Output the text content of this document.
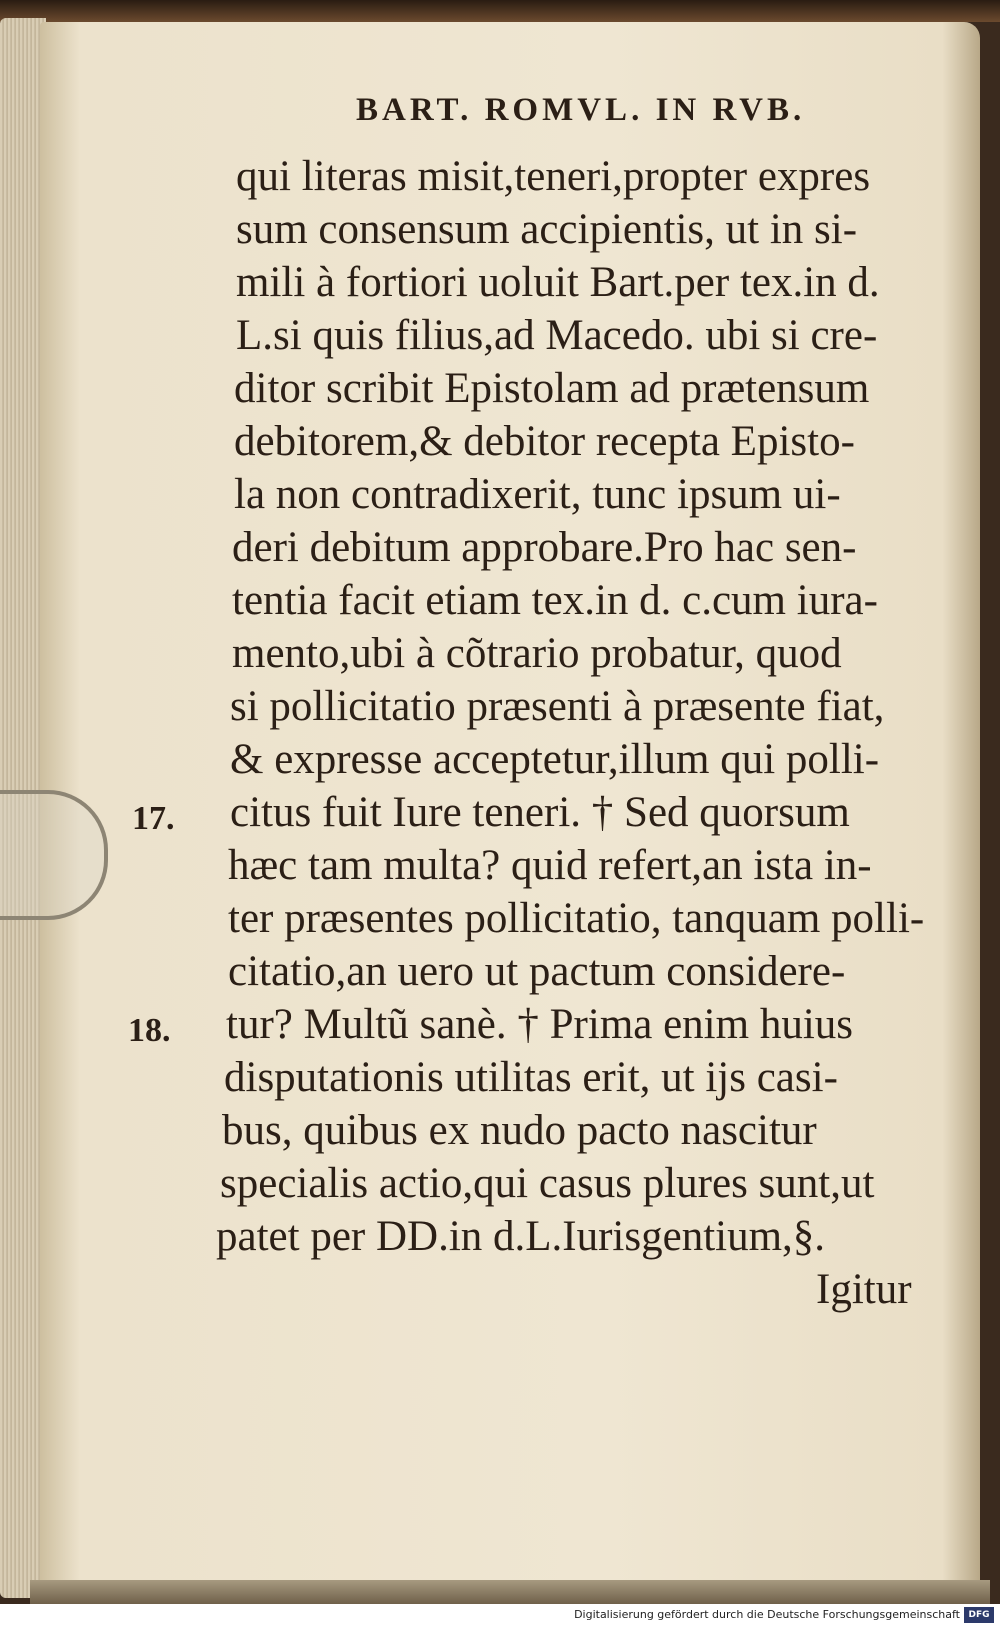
BART. ROMVL. IN RVB.
qui literas misit,teneri,propter expres
sum consensum accipientis, ut in si-
mili à fortiori uoluit Bart.per tex.in d.
L.si quis filius,ad Macedo. ubi si cre-
ditor scribit Epistolam ad prætensum
debitorem,& debitor recepta Episto-
la non contradixerit, tunc ipsum ui-
deri debitum approbare.Pro hac sen-
tentia facit etiam tex.in d. c.cum iura-
mento,ubi à cõtrario probatur, quod
si pollicitatio præsenti à præsente fiat,
& expresse acceptetur,illum qui polli-
citus fuit Iure teneri. † Sed quorsum
hæc tam multa? quid refert,an ista in-
ter præsentes pollicitatio, tanquam polli-
citatio,an uero ut pactum considere-
tur? Multũ sanè. † Prima enim huius
disputationis utilitas erit, ut ijs casi-
bus, quibus ex nudo pacto nascitur
specialis actio,qui casus plures sunt,ut
patet per DD.in d.L.Iurisgentium,§.
Igitur
17.
18.
Digitalisierung gefördert durch die Deutsche Forschungsgemeinschaft DFG
